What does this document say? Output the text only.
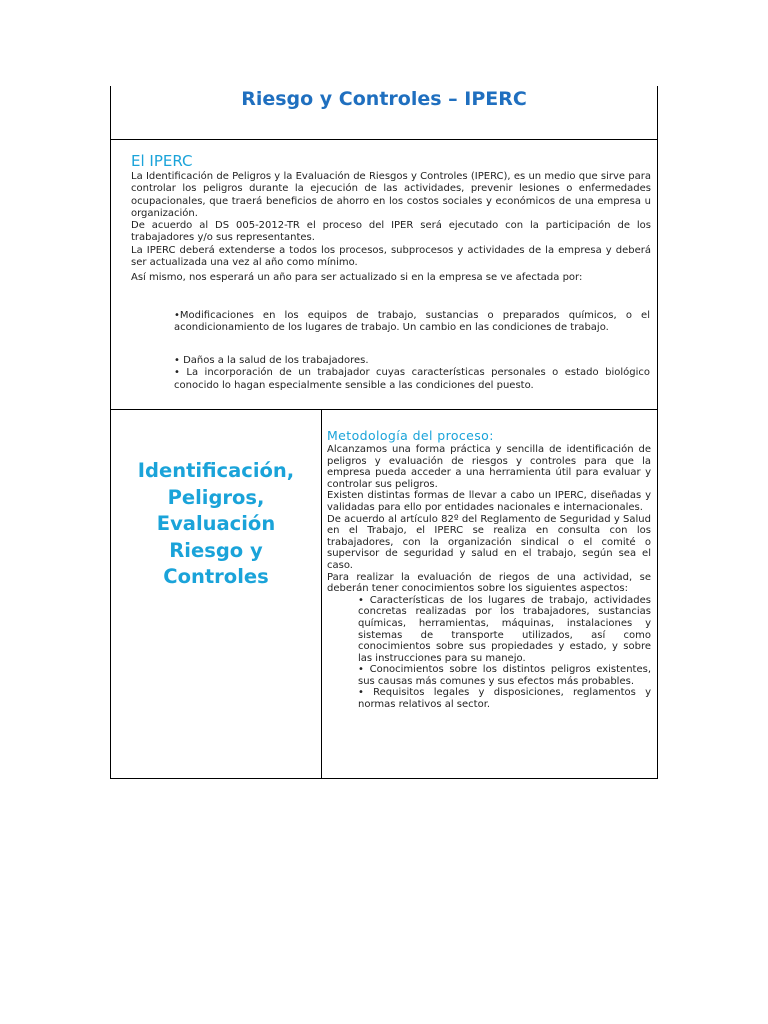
Riesgo y Controles – IPERC
El IPERC

La Identificación de Peligros y la Evaluación de Riesgos y Controles (IPERC), es un medio que sirve para controlar los peligros durante la ejecución de las actividades, prevenir lesiones o enfermedades ocupacionales, que traerá beneficios de ahorro en los costos sociales y económicos de una empresa u organización.

De acuerdo al DS 005-2012-TR el proceso del IPER será ejecutado con la participación de los trabajadores y/o sus representantes.

La IPERC deberá extenderse a todos los procesos, subprocesos y actividades de la empresa y deberá ser actualizada una vez al año como mínimo.

Así mismo, nos esperará un año para ser actualizado si en la empresa se ve afectada por:

•Modificaciones en los equipos de trabajo, sustancias o preparados químicos, o el acondicionamiento de los lugares de trabajo. Un cambio en las condiciones de trabajo.

• Daños a la salud de los trabajadores.

• La incorporación de un trabajador cuyas características personales o estado biológico conocido lo hagan especialmente sensible a las condiciones del puesto.

Identificación,
Peligros,
Evaluación
Riesgo y
Controles
Metodología del proceso:

Alcanzamos una forma práctica y sencilla de identificación de peligros y evaluación de riesgos y controles para que la empresa pueda acceder a una herramienta útil para evaluar y controlar sus peligros.

Existen distintas formas de llevar a cabo un IPERC, diseñadas y validadas para ello por entidades nacionales e internacionales.

De acuerdo al artículo 82º del Reglamento de Seguridad y Salud en el Trabajo, el IPERC se realiza en consulta con los trabajadores, con la organización sindical o el comité o supervisor de seguridad y salud en el trabajo, según sea el caso.

Para realizar la evaluación de riegos de una actividad, se deberán tener conocimientos sobre los siguientes aspectos:

• Características de los lugares de trabajo, actividades concretas realizadas por los trabajadores, sustancias químicas, herramientas, máquinas, instalaciones y sistemas de transporte utilizados, así como conocimientos sobre sus propiedades y estado, y sobre las instrucciones para su manejo.

• Conocimientos sobre los distintos peligros existentes, sus causas más comunes y sus efectos más probables.

• Requisitos legales y disposiciones, reglamentos y normas relativos al sector.
